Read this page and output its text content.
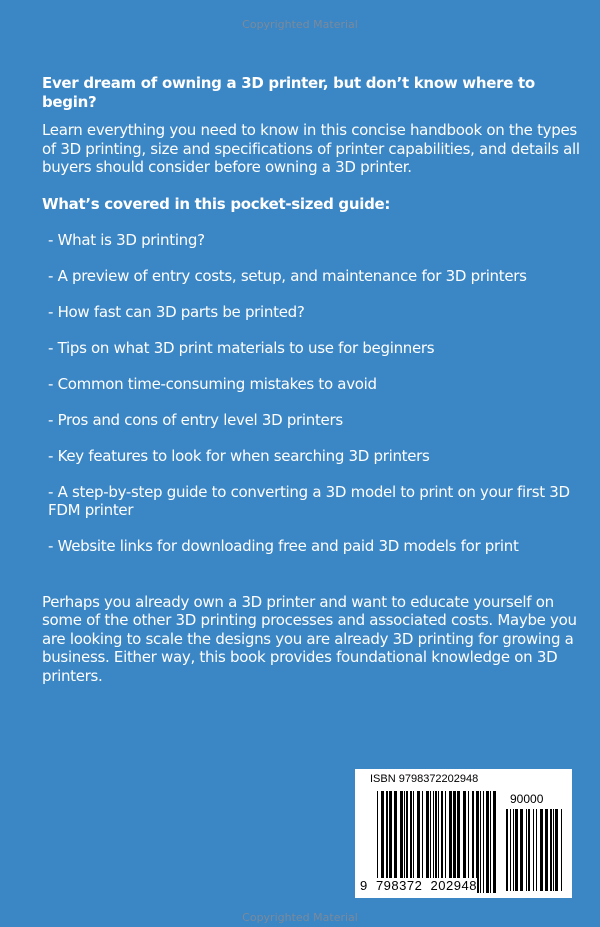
Copyrighted Material

Ever dream of owning a 3D printer, but don’t know where to begin?

Learn everything you need to know in this concise handbook on the types of 3D printing, size and specifications of printer capabilities, and details all buyers should consider before owning a 3D printer.

What’s covered in this pocket-sized guide:

- What is 3D printing?
- A preview of entry costs, setup, and maintenance for 3D printers
- How fast can 3D parts be printed?
- Tips on what 3D print materials to use for beginners
- Common time-consuming mistakes to avoid
- Pros and cons of entry level 3D printers
- Key features to look for when searching 3D printers
- A step-by-step guide to converting a 3D model to print on your first 3D FDM printer
- Website links for downloading free and paid 3D models for print

Perhaps you already own a 3D printer and want to educate yourself on some of the other 3D printing processes and associated costs. Maybe you are looking to scale the designs you are already 3D printing for growing a business. Either way, this book provides foundational knowledge on 3D printers.

ISBN 9798372202948
90000
9  798372  202948
Copyrighted Material
